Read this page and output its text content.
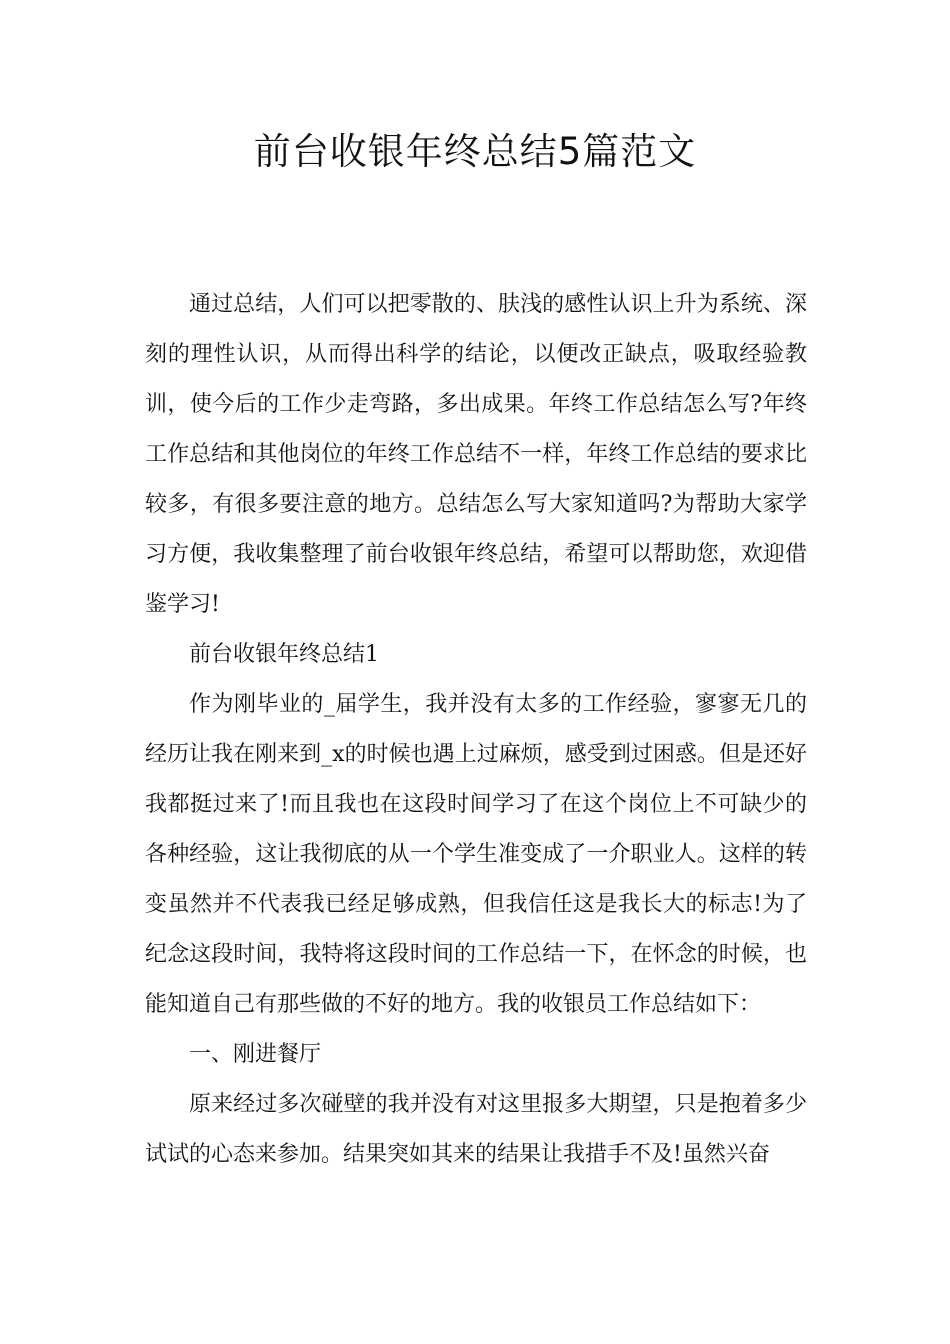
前台收银年终总结5篇范文

通过总结，人们可以把零散的、肤浅的感性认识上升为系统、深刻的理性认识，从而得出科学的结论，以便改正缺点，吸取经验教训，使今后的工作少走弯路，多出成果。年终工作总结怎么写?年终工作总结和其他岗位的年终工作总结不一样，年终工作总结的要求比较多，有很多要注意的地方。总结怎么写大家知道吗?为帮助大家学习方便，我收集整理了前台收银年终总结，希望可以帮助您，欢迎借鉴学习!

前台收银年终总结1

作为刚毕业的_届学生，我并没有太多的工作经验，寥寥无几的经历让我在刚来到_x的时候也遇上过麻烦，感受到过困惑。但是还好我都挺过来了!而且我也在这段时间学习了在这个岗位上不可缺少的各种经验，这让我彻底的从一个学生准变成了一介职业人。这样的转变虽然并不代表我已经足够成熟，但我信任这是我长大的标志!为了纪念这段时间，我特将这段时间的工作总结一下，在怀念的时候，也能知道自己有那些做的不好的地方。我的收银员工作总结如下：

一、刚进餐厅

原来经过多次碰壁的我并没有对这里报多大期望，只是抱着多少试试的心态来参加。结果突如其来的结果让我措手不及!虽然兴奋
